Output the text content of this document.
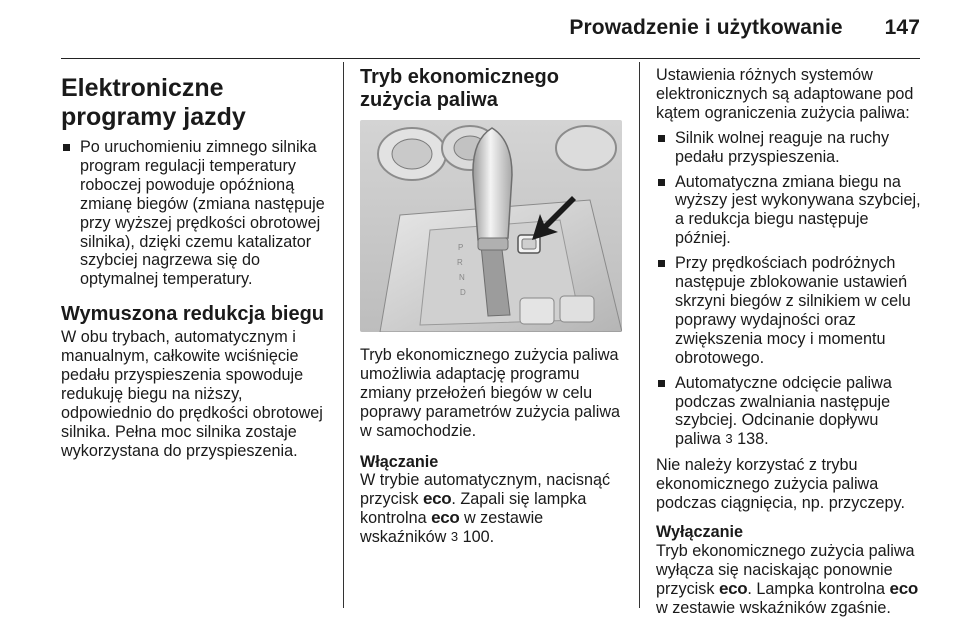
Prowadzenie i użytkowanie 147
Elektroniczne programy jazdy
Po uruchomieniu zimnego silnika program regulacji temperatury roboczej powoduje opóźnioną zmianę biegów (zmiana następuje przy wyższej prędkości obrotowej silnika), dzięki czemu katalizator szybciej nagrzewa się do optymalnej temperatury.
Wymuszona redukcja biegu

W obu trybach, automatycznym i manualnym, całkowite wciśnięcie pedału przyspieszenia spowoduje redukuję biegu na niższy, odpowiednio do prędkości obrotowej silnika. Pełna moc silnika zostaje wykorzystana do przyspieszenia.

Tryb ekonomicznego zużycia paliwa
P
R
N
D

Tryb ekonomicznego zużycia paliwa umożliwia adaptację programu zmiany przełożeń biegów w celu poprawy parametrów zużycia paliwa w samochodzie.

Włączanie

W trybie automatycznym, nacisnąć przycisk eco. Zapali się lampka kontrolna eco w zestawie wskaźników 3 100.

Ustawienia różnych systemów elektronicznych są adaptowane pod kątem ograniczenia zużycia paliwa:

Silnik wolnej reaguje na ruchy pedału przyspieszenia.
Automatyczna zmiana biegu na wyższy jest wykonywana szybciej, a redukcja biegu następuje później.
Przy prędkościach podróżnych następuje zblokowanie ustawień skrzyni biegów z silnikiem w celu poprawy wydajności oraz zwiększenia mocy i momentu obrotowego.
Automatyczne odcięcie paliwa podczas zwalniania następuje szybciej. Odcinanie dopływu paliwa 3 138.

Nie należy korzystać z trybu ekonomicznego zużycia paliwa podczas ciągnięcia, np. przyczepy.

Wyłączanie

Tryb ekonomicznego zużycia paliwa wyłącza się naciskając ponownie przycisk eco. Lampka kontrolna eco w zestawie wskaźników zgaśnie.
